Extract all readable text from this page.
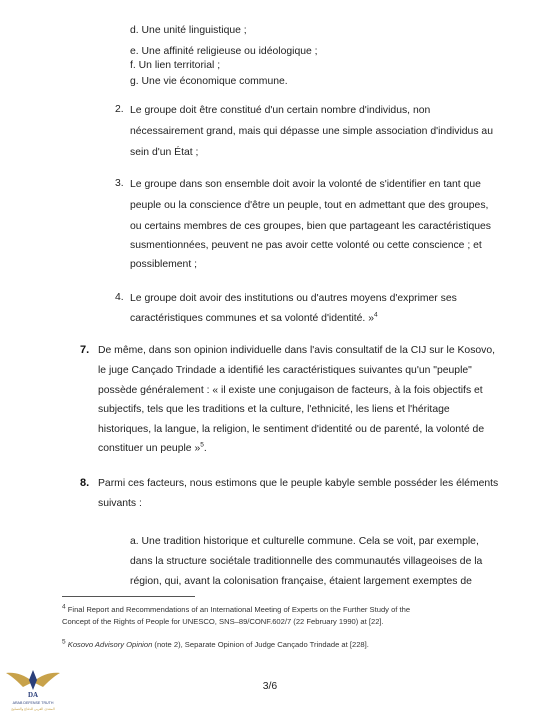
d. Une unité linguistique ;
e. Une affinité religieuse ou idéologique ;
f. Un lien territorial ;
g. Une vie économique commune.
2. Le groupe doit être constitué d'un certain nombre d'individus, non
nécessairement grand, mais qui dépasse une simple association d'individus au
sein d'un État ;
3. Le groupe dans son ensemble doit avoir la volonté de s'identifier en tant que
peuple ou la conscience d'être un peuple, tout en admettant que des groupes,
ou certains membres de ces groupes, bien que partageant les caractéristiques
susmentionnées, peuvent ne pas avoir cette volonté ou cette conscience ; et
possiblement ;
4. Le groupe doit avoir des institutions ou d'autres moyens d'exprimer ses
caractéristiques communes et sa volonté d'identité. »$^4$
7. De même, dans son opinion individuelle dans l'avis consultatif de la CIJ sur le Kosovo,
le juge Cançado Trindade a identifié les caractéristiques suivantes qu'un "peuple"
possède généralement : « il existe une conjugaison de facteurs, à la fois objectifs et
subjectifs, tels que les traditions et la culture, l'ethnicité, les liens et l'héritage
historiques, la langue, la religion, le sentiment d'identité ou de parenté, la volonté de
constituer un peuple »$^5$.
8. Parmi ces facteurs, nous estimons que le peuple kabyle semble posséder les éléments
suivants :
a. Une tradition historique et culturelle commune. Cela se voit, par exemple,
dans la structure sociétale traditionnelle des communautés villageoises de la
région, qui, avant la colonisation française, étaient largement exemptes de
$^4$ Final Report and Recommendations of an International Meeting of Experts on the Further Study of the
Concept of the Rights of People for UNESCO, SNS–89/CONF.602/7 (22 February 1990) at [22].
$^5$ Kosovo Advisory Opinion (note 2), Separate Opinion of Judge Cançado Trindade at [228].
3/6
DA
ARAB DEFENSE TRUTH
المنتدى العربي للدفاع والتسليح
